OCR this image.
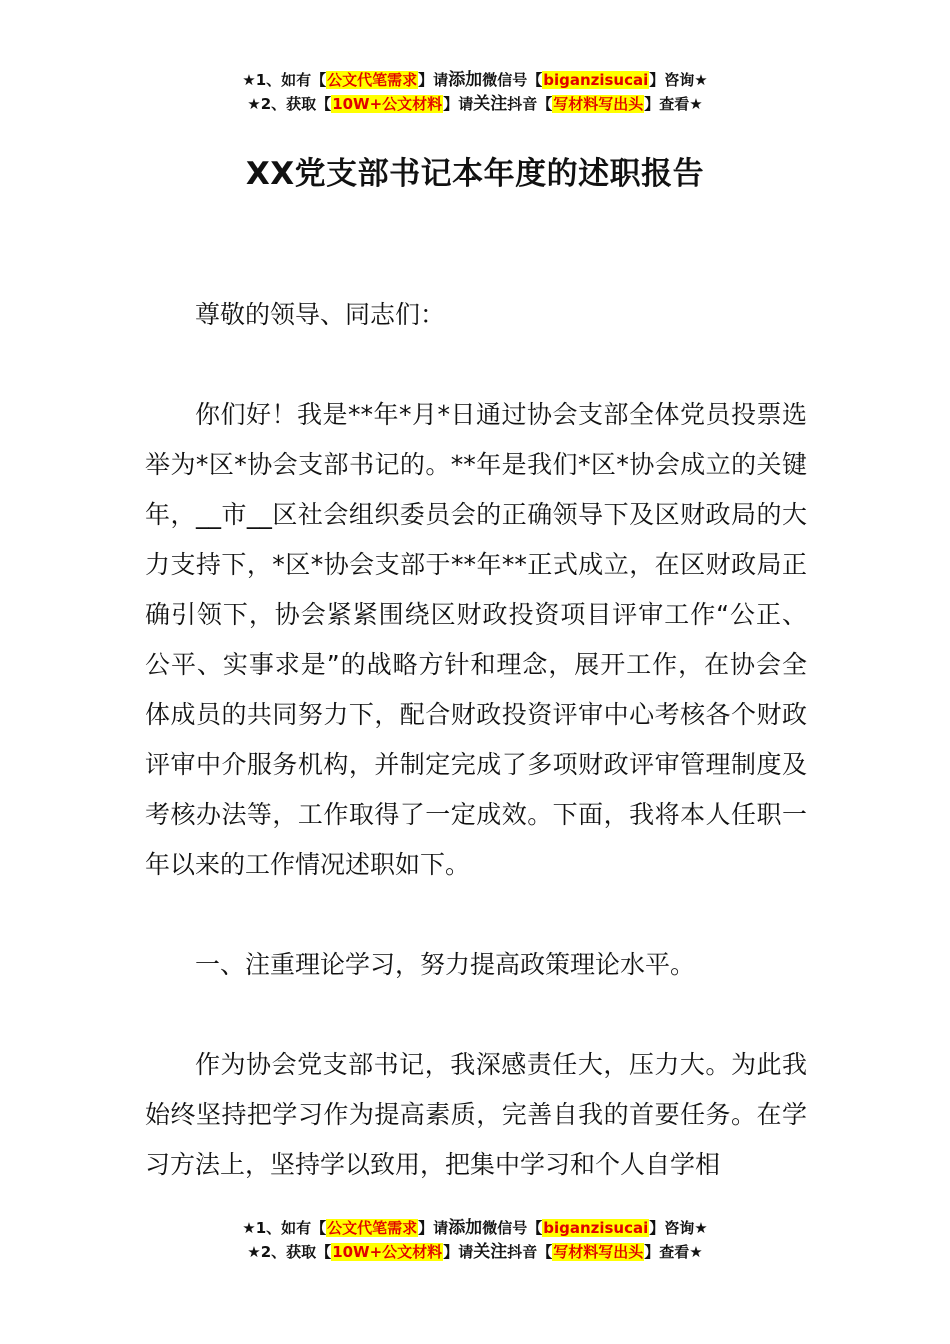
★1、如有【公文代笔需求】请添加微信号【biganzisucai】咨询★
★2、获取【10W+公文材料】请关注抖音【写材料写出头】查看★
XX党支部书记本年度的述职报告

尊敬的领导、同志们：

你们好！我是**年*月*日通过协会支部全体党员投票选举为*区*协会支部书记的。**年是我们*区*协会成立的关键年，__市__区社会组织委员会的正确领导下及区财政局的大力支持下，*区*协会支部于**年**正式成立，在区财政局正确引领下，协会紧紧围绕区财政投资项目评审工作“公正、公平、实事求是”的战略方针和理念，展开工作，在协会全体成员的共同努力下，配合财政投资评审中心考核各个财政评审中介服务机构，并制定完成了多项财政评审管理制度及考核办法等，工作取得了一定成效。下面，我将本人任职一年以来的工作情况述职如下。

一、注重理论学习，努力提高政策理论水平。

作为协会党支部书记，我深感责任大，压力大。为此我始终坚持把学习作为提高素质，完善自我的首要任务。在学习方法上，坚持学以致用，把集中学习和个人自学相

★1、如有【公文代笔需求】请添加微信号【biganzisucai】咨询★
★2、获取【10W+公文材料】请关注抖音【写材料写出头】查看★
